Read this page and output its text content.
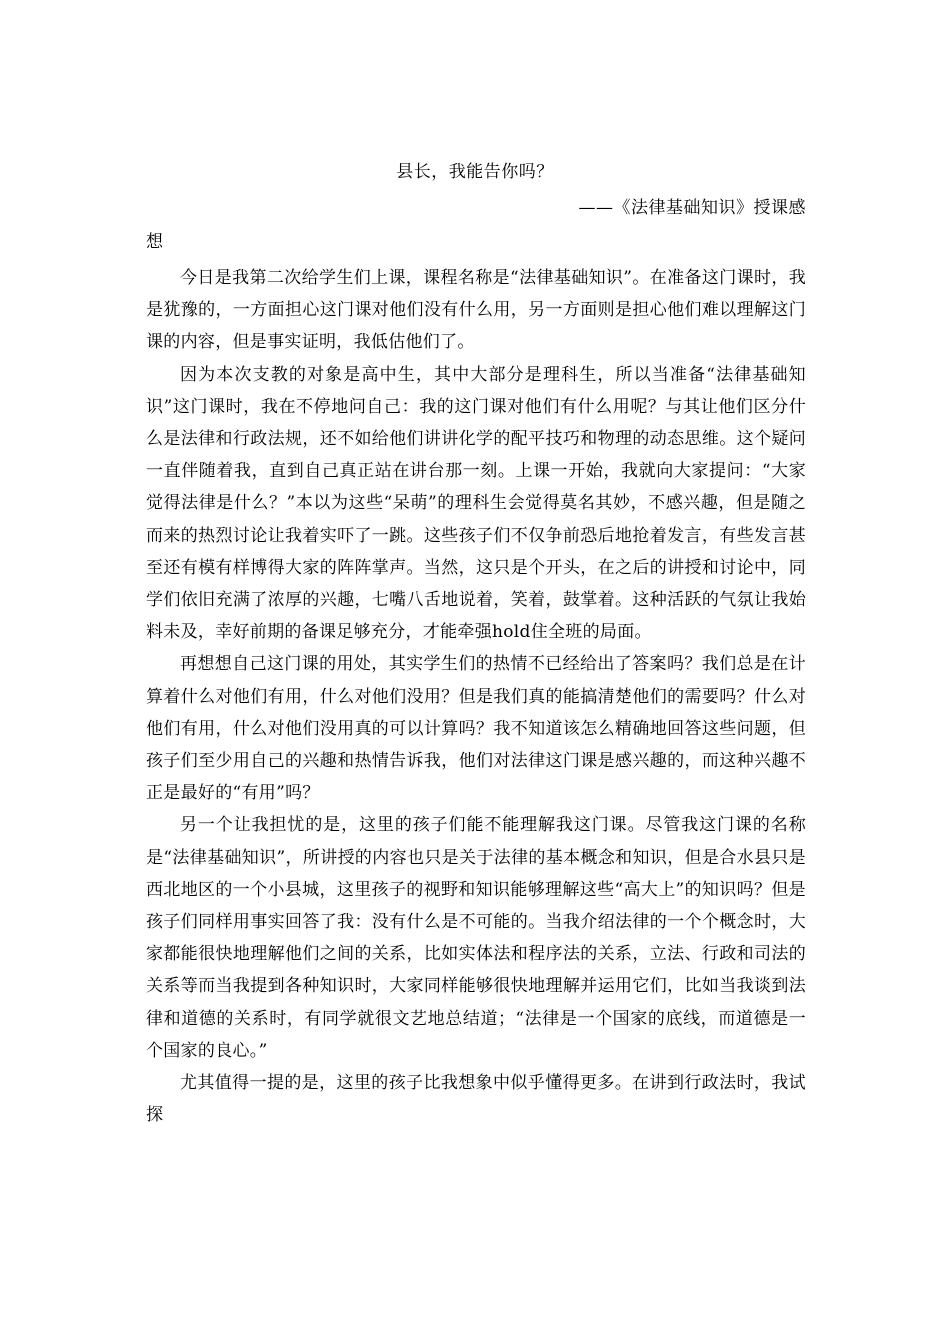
县长，我能告你吗？
——《法律基础知识》授课感
想

今日是我第二次给学生们上课，课程名称是“法律基础知识”。在准备这门课时，我是犹豫的，一方面担心这门课对他们没有什么用，另一方面则是担心他们难以理解这门课的内容，但是事实证明，我低估他们了。

因为本次支教的对象是高中生，其中大部分是理科生，所以当准备“法律基础知识”这门课时，我在不停地问自己：我的这门课对他们有什么用呢？与其让他们区分什么是法律和行政法规，还不如给他们讲讲化学的配平技巧和物理的动态思维。这个疑问一直伴随着我，直到自己真正站在讲台那一刻。上课一开始，我就向大家提问：“大家觉得法律是什么？”本以为这些“呆萌”的理科生会觉得莫名其妙，不感兴趣，但是随之而来的热烈讨论让我着实吓了一跳。这些孩子们不仅争前恐后地抢着发言，有些发言甚至还有模有样博得大家的阵阵掌声。当然，这只是个开头，在之后的讲授和讨论中，同学们依旧充满了浓厚的兴趣，七嘴八舌地说着，笑着，鼓掌着。这种活跃的气氛让我始料未及，幸好前期的备课足够充分，才能牵强hold住全班的局面。

再想想自己这门课的用处，其实学生们的热情不已经给出了答案吗？我们总是在计算着什么对他们有用，什么对他们没用？但是我们真的能搞清楚他们的需要吗？什么对他们有用，什么对他们没用真的可以计算吗？我不知道该怎么精确地回答这些问题，但孩子们至少用自己的兴趣和热情告诉我，他们对法律这门课是感兴趣的，而这种兴趣不正是最好的“有用”吗？

另一个让我担忧的是，这里的孩子们能不能理解我这门课。尽管我这门课的名称是“法律基础知识”，所讲授的内容也只是关于法律的基本概念和知识，但是合水县只是西北地区的一个小县城，这里孩子的视野和知识能够理解这些“高大上”的知识吗？但是孩子们同样用事实回答了我：没有什么是不可能的。当我介绍法律的一个个概念时，大家都能很快地理解他们之间的关系，比如实体法和程序法的关系，立法、行政和司法的关系等而当我提到各种知识时，大家同样能够很快地理解并运用它们，比如当我谈到法律和道德的关系时，有同学就很文艺地总结道；“法律是一个国家的底线，而道德是一个国家的良心。”

尤其值得一提的是，这里的孩子比我想象中似乎懂得更多。在讲到行政法时，我试探
